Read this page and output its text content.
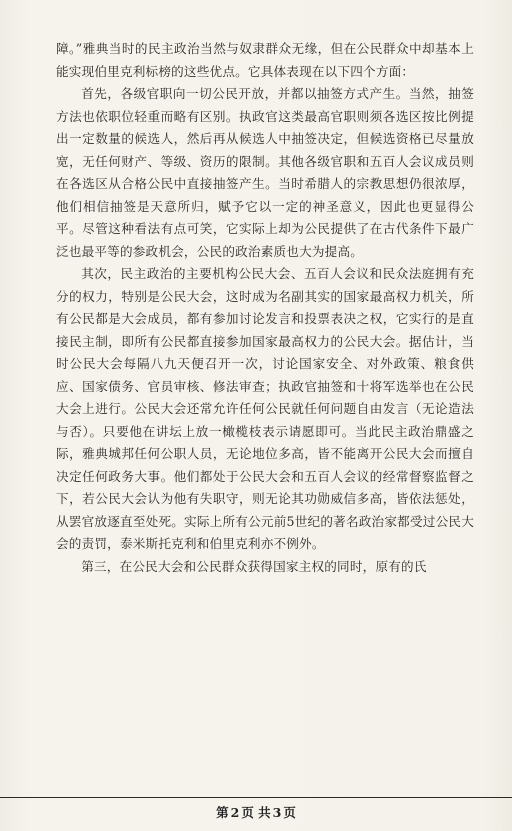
障。”雅典当时的民主政治当然与奴隶群众无缘，但在公民群众中却基本上能实现伯里克利标榜的这些优点。它具体表现在以下四个方面：

首先，各级官职向一切公民开放，并都以抽签方式产生。当然，抽签方法也依职位轻重而略有区别。执政官这类最高官职则须各选区按比例提出一定数量的候选人，然后再从候选人中抽签决定，但候选资格已尽量放宽，无任何财产、等级、资历的限制。其他各级官职和五百人会议成员则在各选区从合格公民中直接抽签产生。当时希腊人的宗教思想仍很浓厚，他们相信抽签是天意所归，赋予它以一定的神圣意义，因此也更显得公平。尽管这种看法有点可笑，它实际上却为公民提供了在古代条件下最广泛也最平等的参政机会，公民的政治素质也大为提高。

其次，民主政治的主要机构公民大会、五百人会议和民众法庭拥有充分的权力，特别是公民大会，这时成为名副其实的国家最高权力机关，所有公民都是大会成员，都有参加讨论发言和投票表决之权，它实行的是直接民主制，即所有公民都直接参加国家最高权力的公民大会。据估计，当时公民大会每隔八九天便召开一次，讨论国家安全、对外政策、粮食供应、国家债务、官员审核、修法审查；执政官抽签和十将军选举也在公民大会上进行。公民大会还常允许任何公民就任何问题自由发言（无论造法与否）。只要他在讲坛上放一橄榄枝表示请愿即可。当此民主政治鼎盛之际，雅典城邦任何公职人员，无论地位多高，皆不能离开公民大会而擅自决定任何政务大事。他们都处于公民大会和五百人会议的经常督察监督之下，若公民大会认为他有失职守，则无论其功勋威信多高，皆依法惩处，从罢官放逐直至处死。实际上所有公元前5世纪的著名政治家都受过公民大会的责罚，泰米斯托克利和伯里克利亦不例外。

第三，在公民大会和公民群众获得国家主权的同时，原有的氏

第 2 页 共 3 页
